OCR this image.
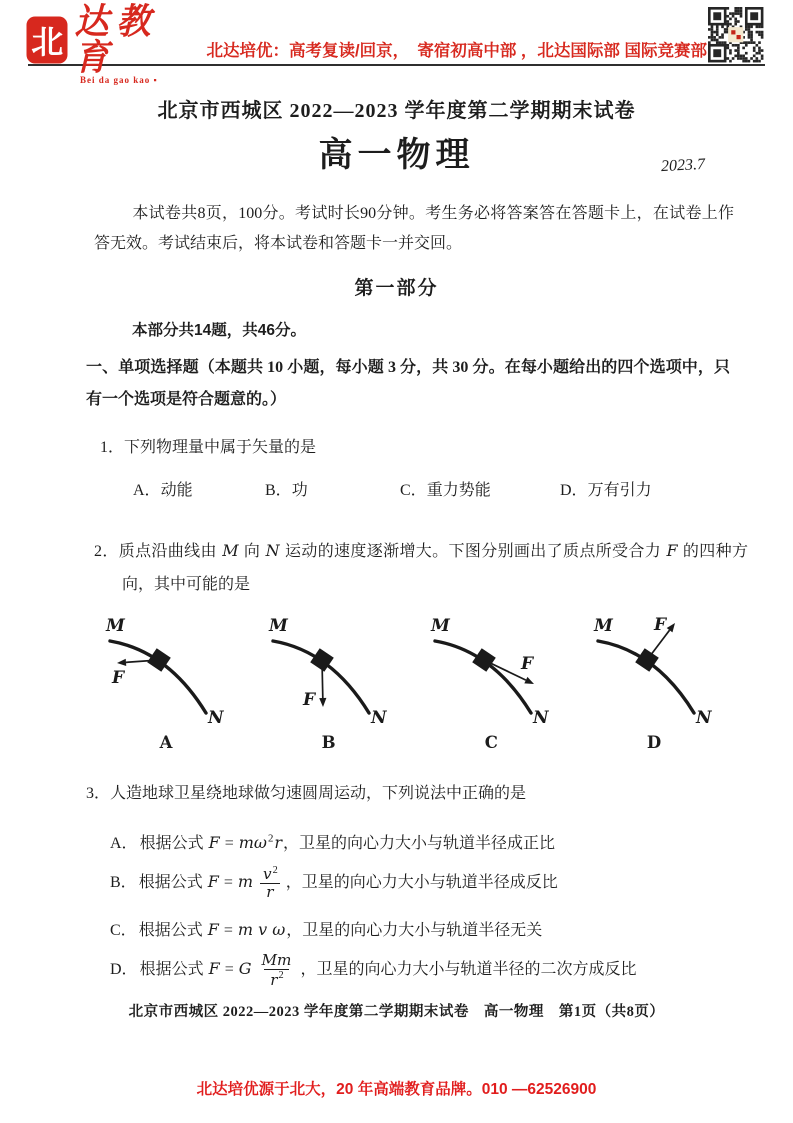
北 达教育
Bei da gao kao ▪
北达培优：高考复读/回京，　寄宿初高中部 ，北达国际部 国际竞赛部
北京市西城区 2022—2023 学年度第二学期期末试卷
高一物理	2023.7

本试卷共8页，100分。考试时长90分钟。考生务必将答案答在答题卡上，在试卷上作答无效。考试结束后，将本试卷和答题卡一并交回。

第一部分

本部分共14题，共46分。

一、单项选择题（本题共 10 小题，每小题 3 分，共 30 分。在每小题给出的四个选项中，只有一个选项是符合题意的。）

1．下列物理量中属于矢量的是

A．动能	B．功	C．重力势能	D．万有引力

2．质点沿曲线由 M 向 N 运动的速度逐渐增大。下图分别画出了质点所受合力 F 的四种方向，其中可能的是

M
N
F
A
M
N
F
B
M
N
F
C
M
N
F
D

3．人造地球卫星绕地球做匀速圆周运动，下列说法中正确的是

A． 根据公式 $F = m\omega^2r$，卫星的向心力大小与轨道半径成正比

B． 根据公式 F = m $\frac{v^2}{r}$ ，卫星的向心力大小与轨道半径成反比

C． 根据公式 F = m v ω，卫星的向心力大小与轨道半径无关

D． 根据公式 F = G $\frac{Mm}{r^2}$ ，卫星的向心力大小与轨道半径的二次方成反比

北京市西城区 2022—2023 学年度第二学期期末试卷　高一物理　第1页（共8页）
北达培优源于北大，20 年高端教育品牌。010 —62526900
